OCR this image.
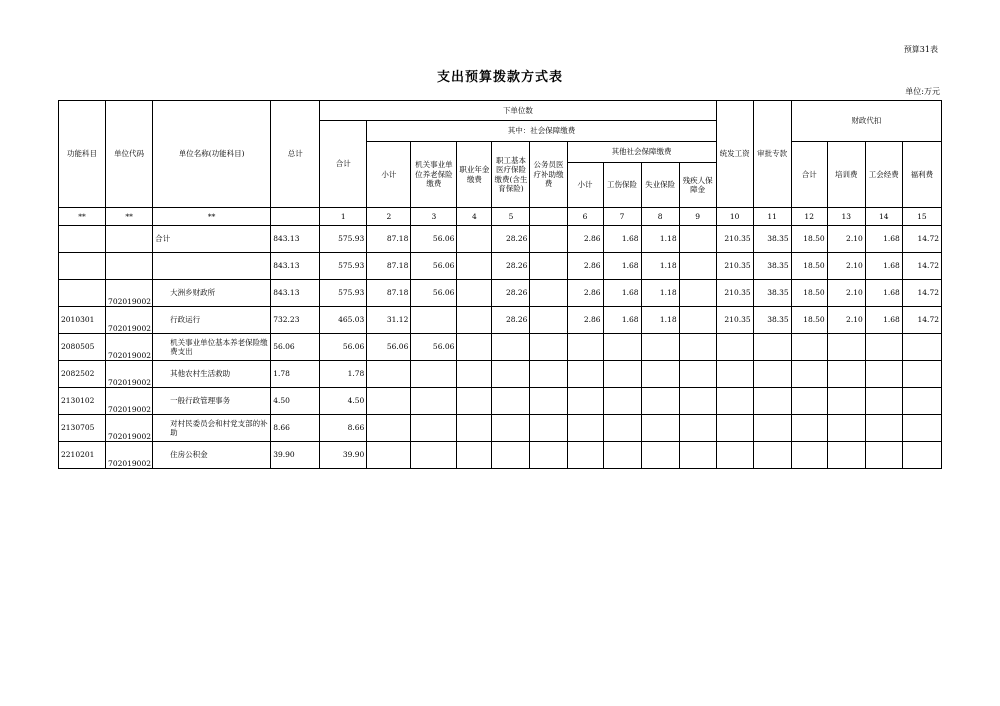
预算31表
支出预算拨款方式表
单位:万元
功能科目	单位代码	单位名称(功能科目)	总计	下单位数										统发工资	审批专款	财政代扣			
				合计	其中：社会保障缴费														
					小计	机关事业单位养老保险缴费	职业年金缴费	职工基本医疗保险缴费(含生育保险)	公务员医疗补助缴费	其他社会保障缴费						合计	培训费	工会经费	福利费
										小计	工伤保险	失业保险	残疾人保障金						
**	**	**		1	2	3	4	5		6	7	8	9	10	11	12	13	14	15
		合计	843.13	575.93	87.18	56.06		28.26		2.86	1.68	1.18		210.35	38.35	18.50	2.10	1.68	14.72
			843.13	575.93	87.18	56.06		28.26		2.86	1.68	1.18		210.35	38.35	18.50	2.10	1.68	14.72
	702019002	大洲乡财政所	843.13	575.93	87.18	56.06		28.26		2.86	1.68	1.18		210.35	38.35	18.50	2.10	1.68	14.72
2010301	702019002	行政运行	732.23	465.03	31.12			28.26		2.86	1.68	1.18		210.35	38.35	18.50	2.10	1.68	14.72
2080505	702019002	机关事业单位基本养老保险缴费支出	56.06	56.06	56.06	56.06													
2082502	702019002	其他农村生活救助	1.78	1.78															
2130102	702019002	一般行政管理事务	4.50	4.50															
2130705	702019002	对村民委员会和村党支部的补助	8.66	8.66															
2210201	702019002	住房公积金	39.90	39.90															
